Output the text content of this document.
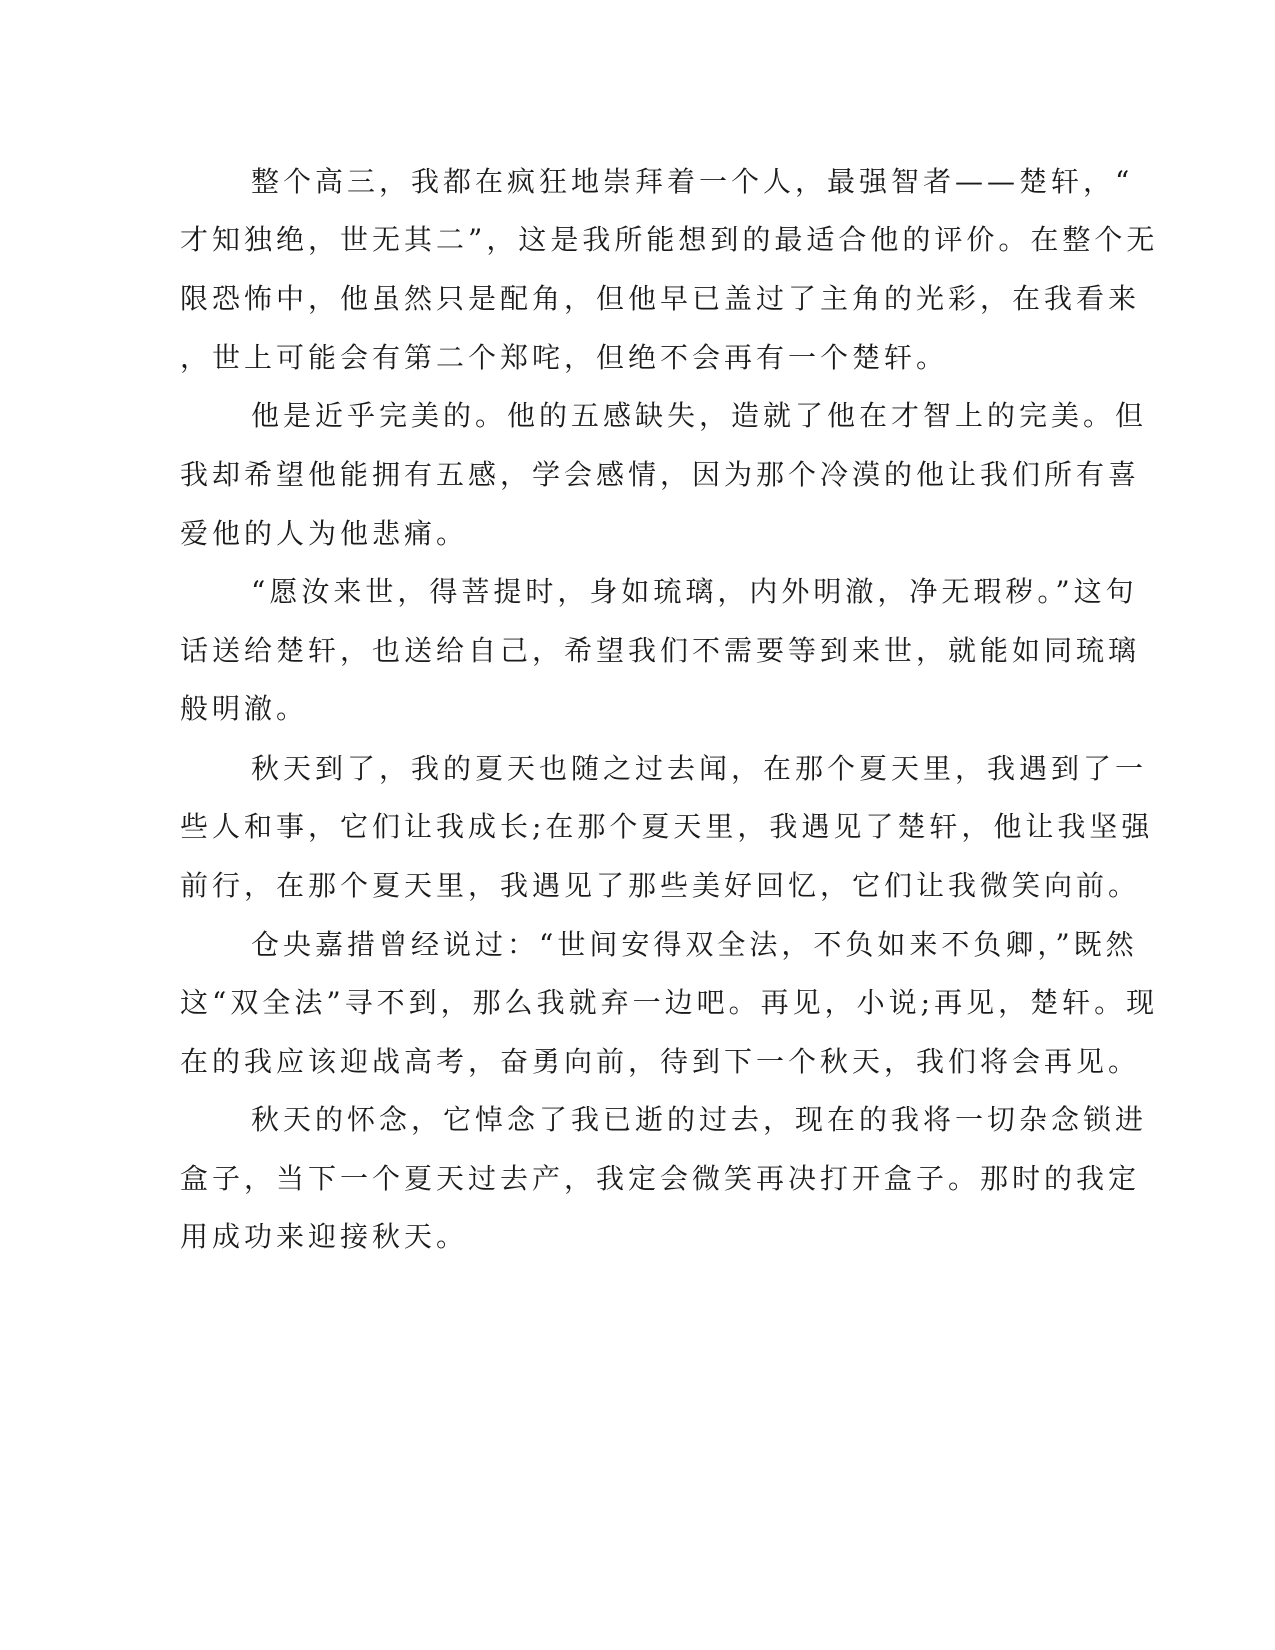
整个高三，我都在疯狂地崇拜着一个人，最强智者——楚轩，“
才知独绝，世无其二”，这是我所能想到的最适合他的评价。在整个无
限恐怖中，他虽然只是配角，但他早已盖过了主角的光彩，在我看来
，世上可能会有第二个郑咤，但绝不会再有一个楚轩。
他是近乎完美的。他的五感缺失，造就了他在才智上的完美。但
我却希望他能拥有五感，学会感情，因为那个冷漠的他让我们所有喜
爱他的人为他悲痛。
“愿汝来世，得菩提时，身如琉璃，内外明澈，净无瑕秽。”这句
话送给楚轩，也送给自己，希望我们不需要等到来世，就能如同琉璃
般明澈。
秋天到了，我的夏天也随之过去闻，在那个夏天里，我遇到了一
些人和事，它们让我成长;在那个夏天里，我遇见了楚轩，他让我坚强
前行，在那个夏天里，我遇见了那些美好回忆，它们让我微笑向前。
仓央嘉措曾经说过：“世间安得双全法，不负如来不负卿，”既然
这“双全法”寻不到，那么我就弃一边吧。再见，小说;再见，楚轩。现
在的我应该迎战高考，奋勇向前，待到下一个秋天，我们将会再见。
秋天的怀念，它悼念了我已逝的过去，现在的我将一切杂念锁进
盒子，当下一个夏天过去产，我定会微笑再决打开盒子。那时的我定
用成功来迎接秋天。
